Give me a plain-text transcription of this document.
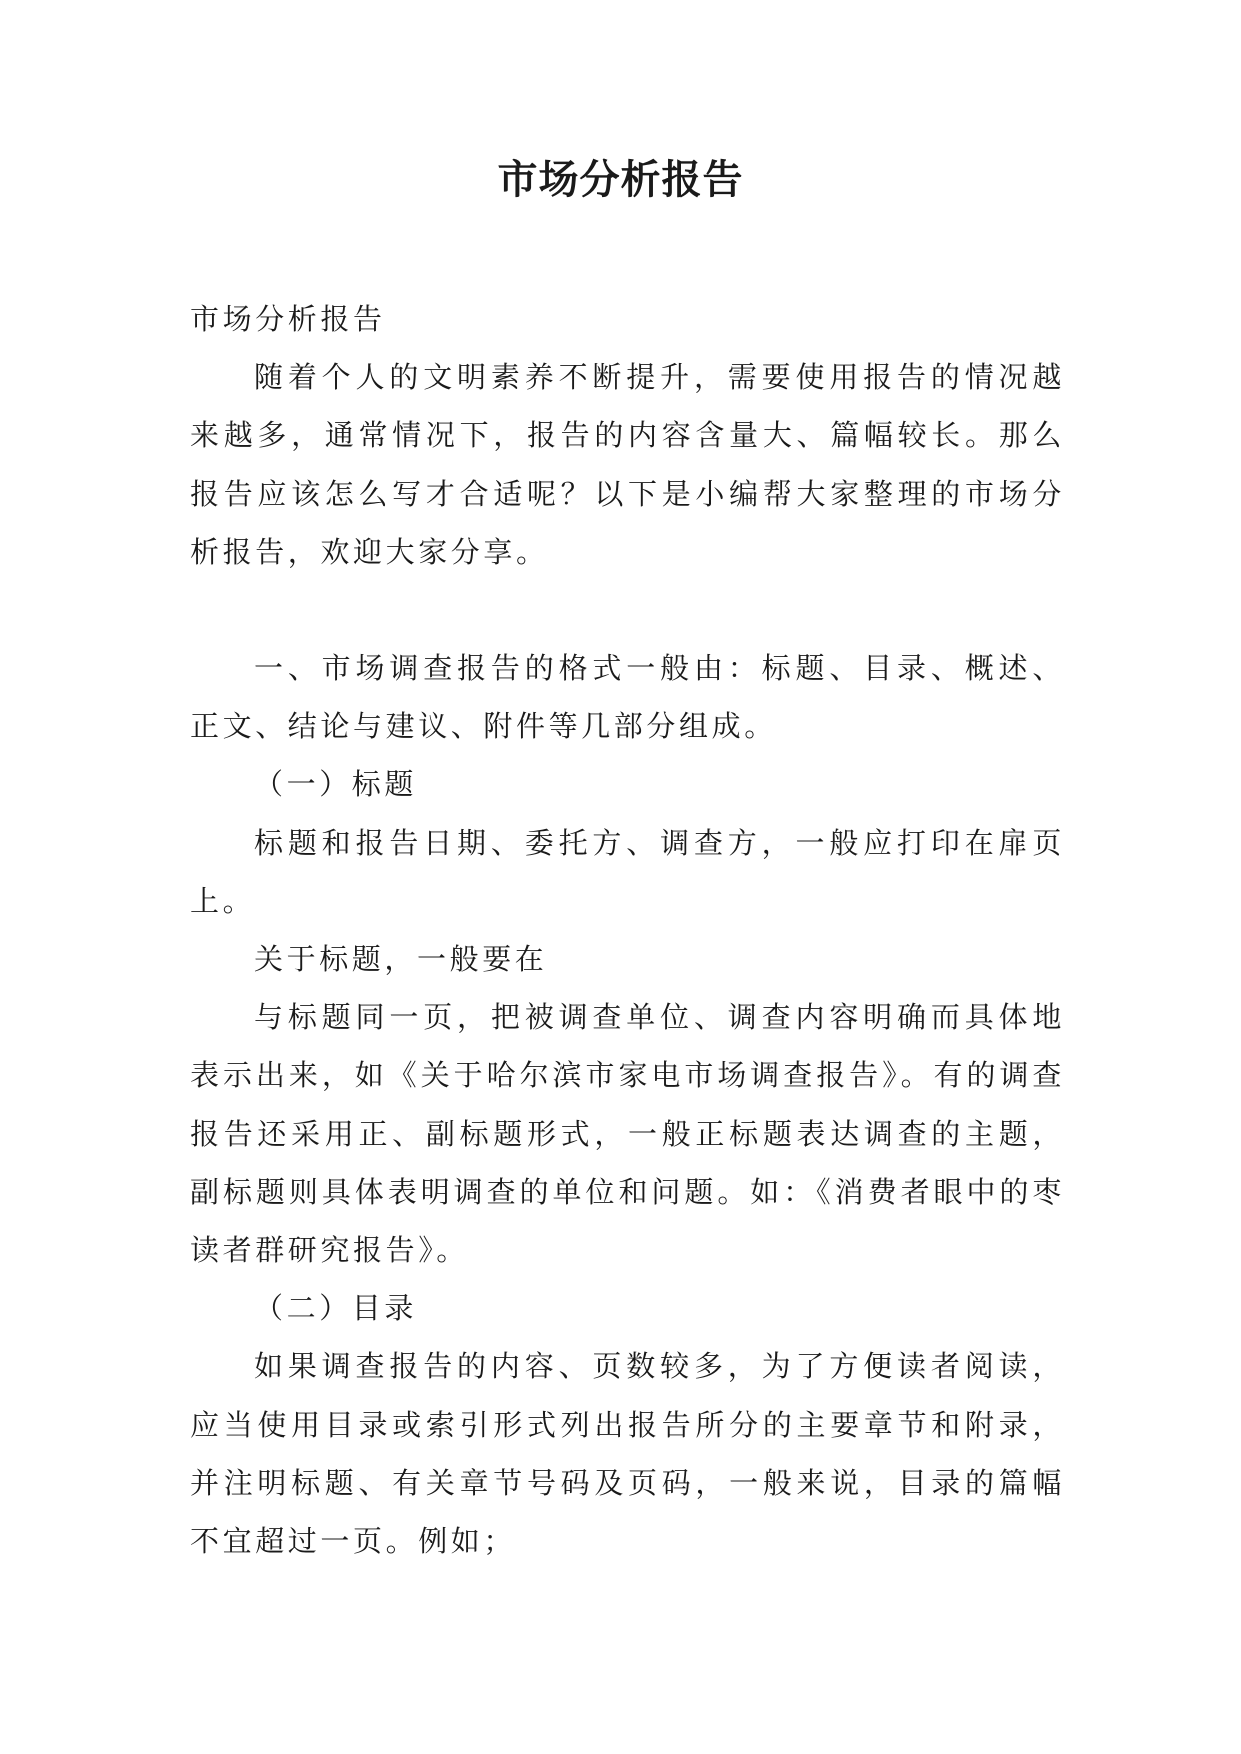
市场分析报告

市场分析报告

随着个人的文明素养不断提升，需要使用报告的情况越来越多，通常情况下，报告的内容含量大、篇幅较长。那么报告应该怎么写才合适呢？以下是小编帮大家整理的市场分析报告，欢迎大家分享。

一、市场调查报告的格式一般由：标题、目录、概述、正文、结论与建议、附件等几部分组成。

（一）标题

标题和报告日期、委托方、调查方，一般应打印在扉页上。

关于标题，一般要在

与标题同一页，把被调查单位、调查内容明确而具体地表示出来，如《关于哈尔滨市家电市场调查报告》。有的调查报告还采用正、副标题形式，一般正标题表达调查的主题，副标题则具体表明调查的单位和问题。如：《消费者眼中的枣读者群研究报告》。

（二）目录

如果调查报告的内容、页数较多，为了方便读者阅读，应当使用目录或索引形式列出报告所分的主要章节和附录，并注明标题、有关章节号码及页码，一般来说，目录的篇幅不宜超过一页。例如；
